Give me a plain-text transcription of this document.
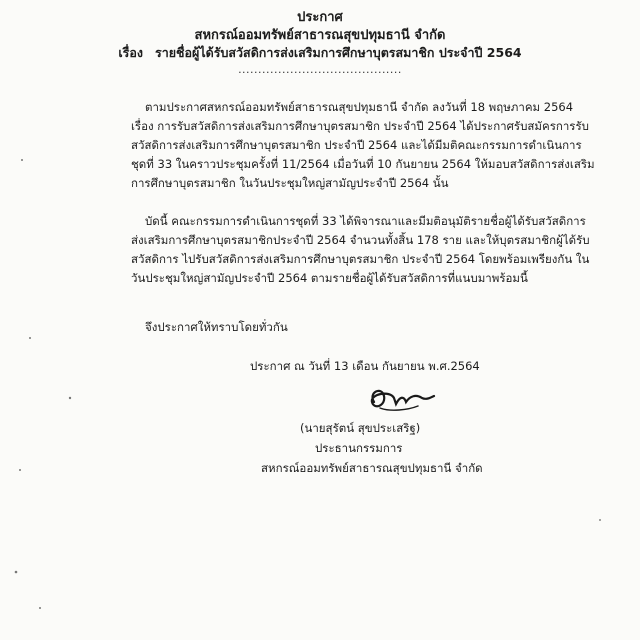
ประกาศ
สหกรณ์ออมทรัพย์สาธารณสุขปทุมธานี จำกัด
เรื่อง รายชื่อผู้ได้รับสวัสดิการส่งเสริมการศึกษาบุตรสมาชิก ประจำปี 2564
.........................................
ตามประกาศสหกรณ์ออมทรัพย์สาธารณสุขปทุมธานี จำกัด ลงวันที่ 18 พฤษภาคม 2564 เรื่อง การรับสวัสดิการส่งเสริมการศึกษาบุตรสมาชิก ประจำปี 2564 ได้ประกาศรับสมัครการรับสวัสดิการส่งเสริมการศึกษาบุตรสมาชิก ประจำปี 2564 และได้มีมติคณะกรรมการดำเนินการชุดที่ 33 ในคราวประชุมครั้งที่ 11/2564 เมื่อวันที่ 10 กันยายน 2564 ให้มอบสวัสดิการส่งเสริมการศึกษาบุตรสมาชิก ในวันประชุมใหญ่สามัญประจำปี 2564 นั้น
บัดนี้ คณะกรรมการดำเนินการชุดที่ 33 ได้พิจารณาและมีมติอนุมัติรายชื่อผู้ได้รับสวัสดิการส่งเสริมการศึกษาบุตรสมาชิกประจำปี 2564 จำนวนทั้งสิ้น 178 ราย และให้บุตรสมาชิกผู้ได้รับสวัสดิการ ไปรับสวัสดิการส่งเสริมการศึกษาบุตรสมาชิก ประจำปี 2564 โดยพร้อมเพรียงกัน ในวันประชุมใหญ่สามัญประจำปี 2564 ตามรายชื่อผู้ได้รับสวัสดิการที่แนบมาพร้อมนี้
จึงประกาศให้ทราบโดยทั่วกัน
ประกาศ ณ วันที่ 13 เดือน กันยายน พ.ศ.2564
(นายสุรัตน์ สุขประเสริฐ)
ประธานกรรมการ
สหกรณ์ออมทรัพย์สาธารณสุขปทุมธานี จำกัด
